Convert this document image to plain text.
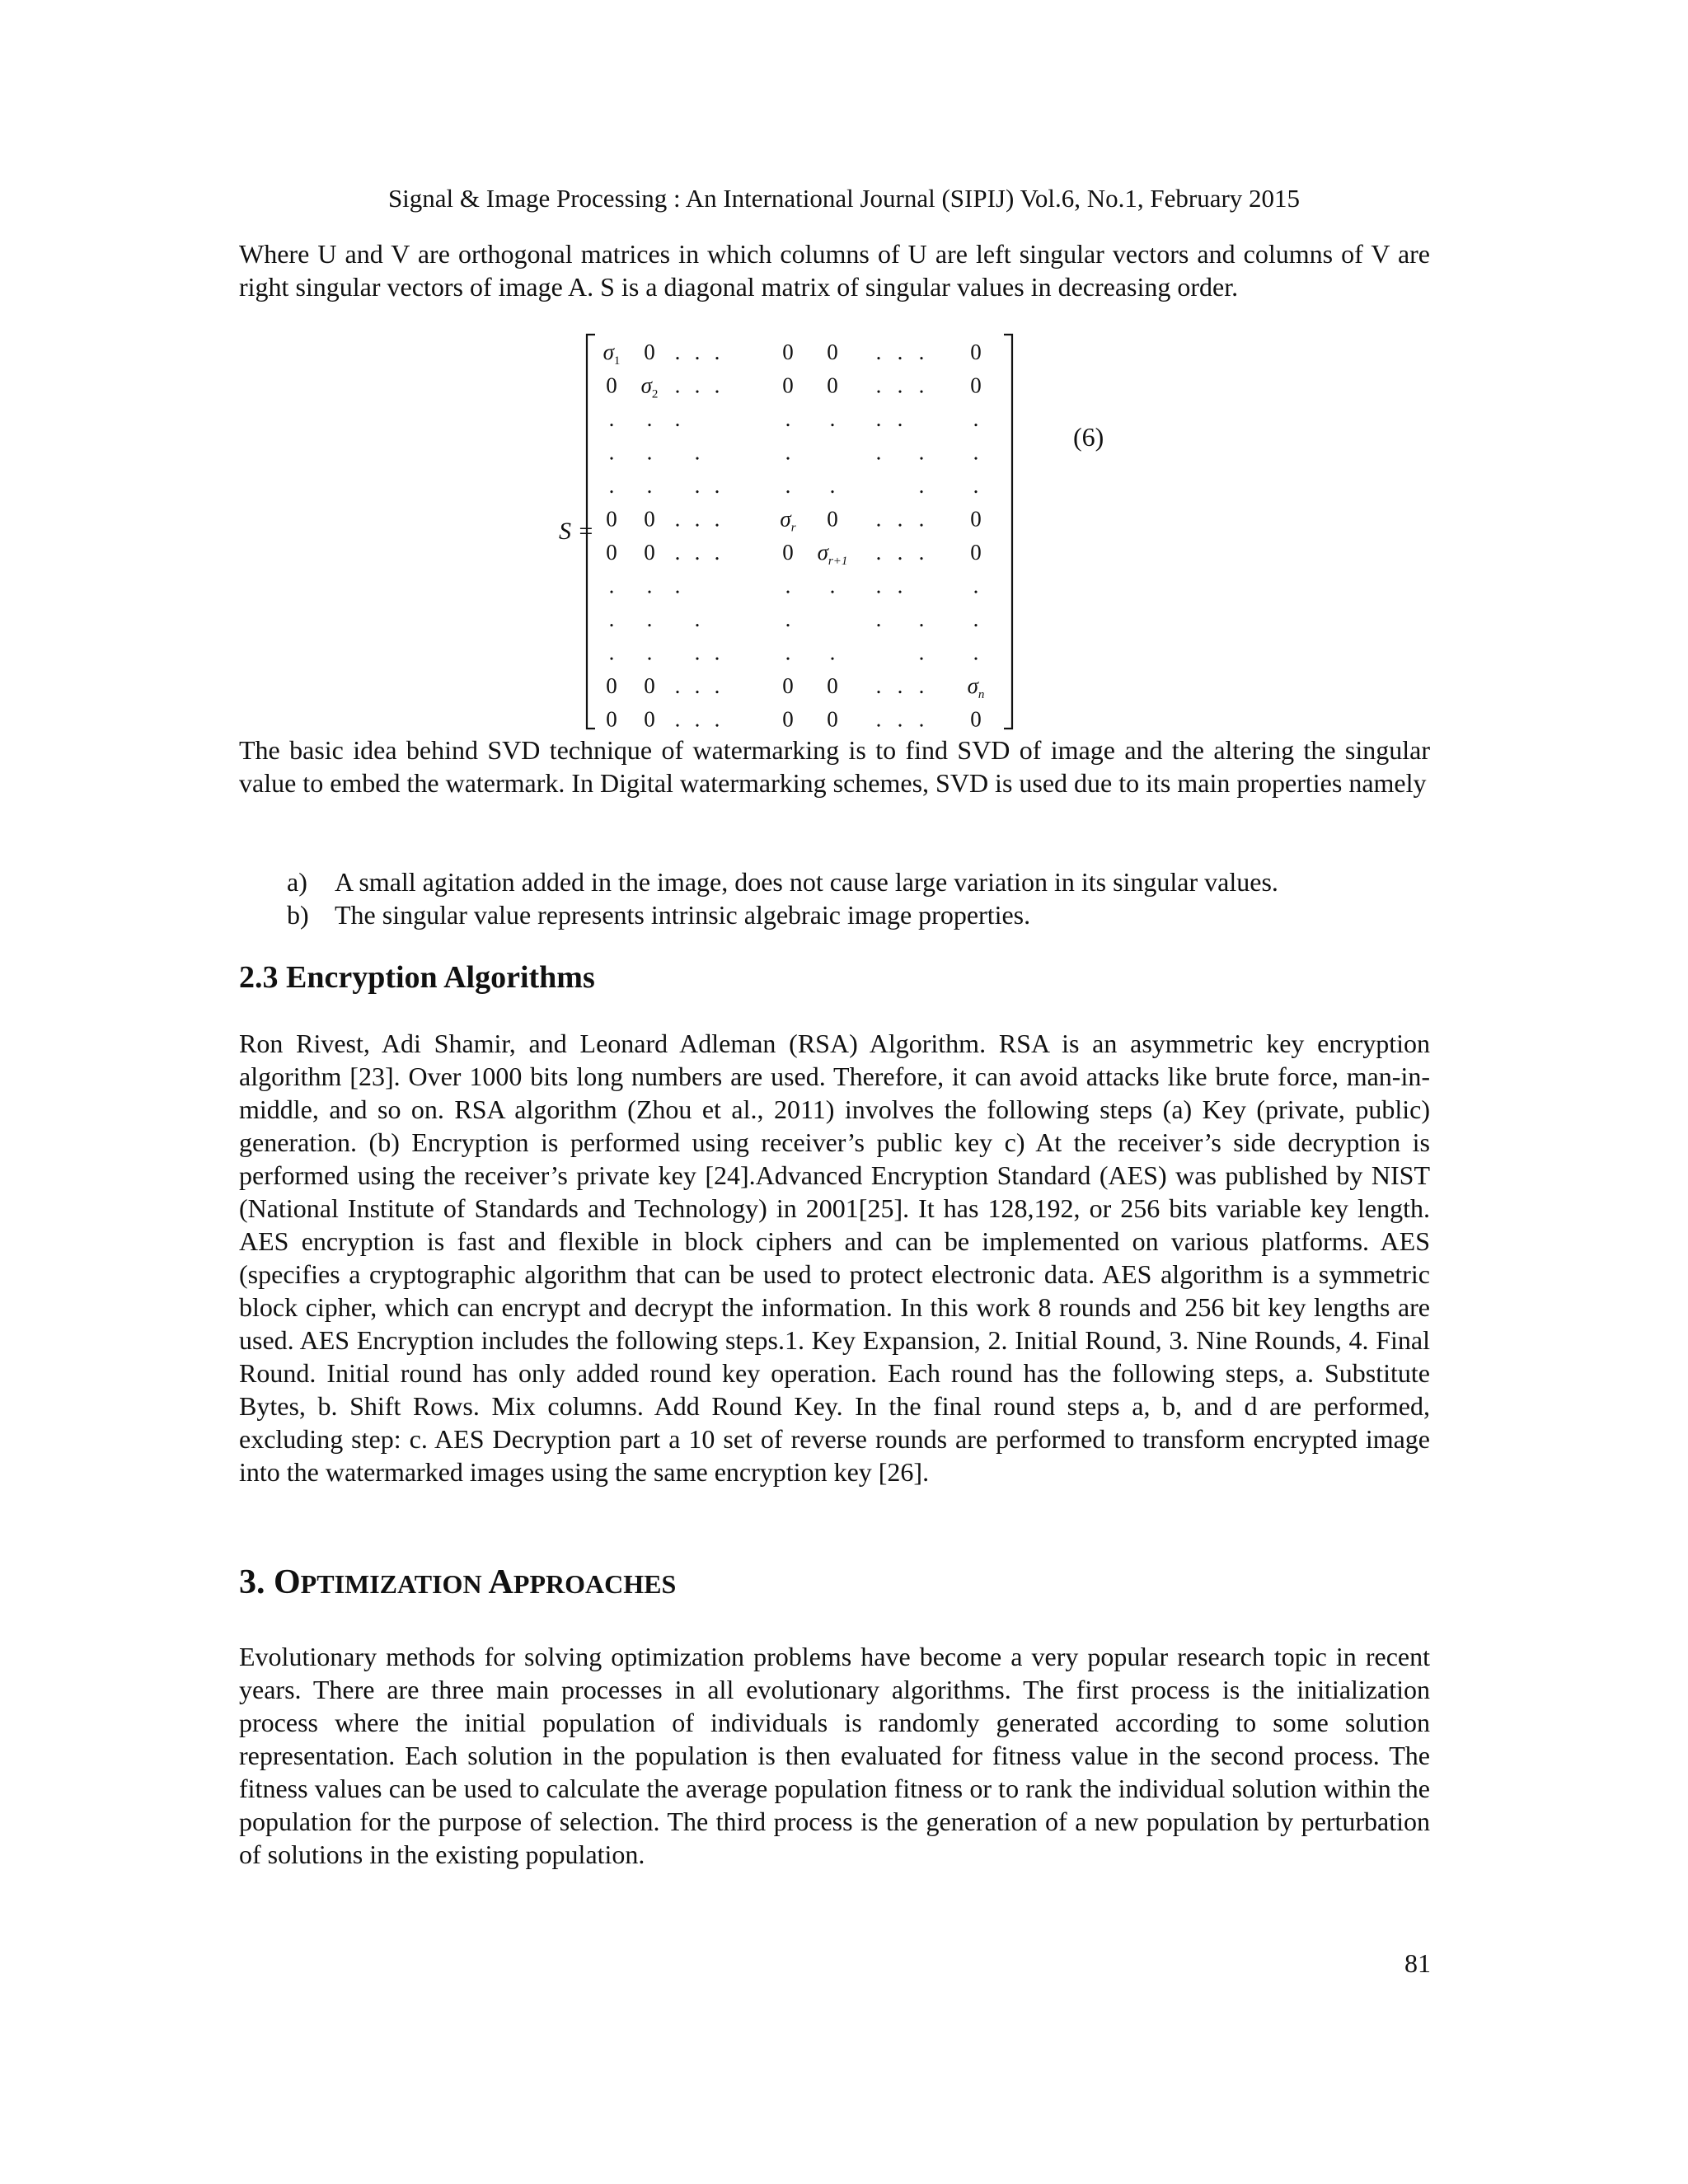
Signal & Image Processing : An International Journal (SIPIJ) Vol.6, No.1, February 2015

Where U and V are orthogonal matrices in which columns of U are left singular vectors and columns of V are right singular vectors of image A. S is a diagonal matrix of singular values in decreasing order.

S =
$\sigma_1$ 0 . . .	0 0 . . . 0
0 $\sigma_2$ . . .	0 0 . . . 0
. . .	. . . .	.
. . .	.	. . .
. . . .	. .	. .
0 0 . . .	$\sigma_r$ 0 . . . 0
0 0 . . .	0 $\sigma_{r+1}$ . . . 0
. . .	. . . .	.
. . .	.	. . .
. . . .	. .	. .
0 0 . . .	0 0 . . . $\sigma_n$
0 0 . . .	0 0 . . . 0
(6)

The basic idea behind SVD technique of watermarking is to find SVD of image and the altering the singular value to embed the watermark. In Digital watermarking schemes, SVD is used due to its main properties namely

a) A small agitation added in the image, does not cause large variation in its singular values.
b) The singular value represents intrinsic algebraic image properties.
2.3 Encryption Algorithms

Ron Rivest, Adi Shamir, and Leonard Adleman (RSA) Algorithm. RSA is an asymmetric key encryption algorithm [23]. Over 1000 bits long numbers are used. Therefore, it can avoid attacks like brute force, man-in-middle, and so on. RSA algorithm (Zhou et al., 2011) involves the following steps (a) Key (private, public) generation. (b) Encryption is performed using receiver’s public key c) At the receiver’s side decryption is performed using the receiver’s private key [24].Advanced Encryption Standard (AES) was published by NIST (National Institute of Standards and Technology) in 2001[25]. It has 128,192, or 256 bits variable key length. AES encryption is fast and flexible in block ciphers and can be implemented on various platforms. AES (specifies a cryptographic algorithm that can be used to protect electronic data. AES algorithm is a symmetric block cipher, which can encrypt and decrypt the information. In this work 8 rounds and 256 bit key lengths are used. AES Encryption includes the following steps.1. Key Expansion, 2. Initial Round, 3. Nine Rounds, 4. Final Round. Initial round has only added round key operation. Each round has the following steps, a. Substitute Bytes, b. Shift Rows. Mix columns. Add Round Key. In the final round steps a, b, and d are performed, excluding step: c. AES Decryption part a 10 set of reverse rounds are performed to transform encrypted image into the watermarked images using the same encryption key [26].

3. OPTIMIZATION APPROACHES

Evolutionary methods for solving optimization problems have become a very popular research topic in recent years. There are three main processes in all evolutionary algorithms. The first process is the initialization process where the initial population of individuals is randomly generated according to some solution representation. Each solution in the population is then evaluated for fitness value in the second process. The fitness values can be used to calculate the average population fitness or to rank the individual solution within the population for the purpose of selection. The third process is the generation of a new population by perturbation of solutions in the existing population.

81
